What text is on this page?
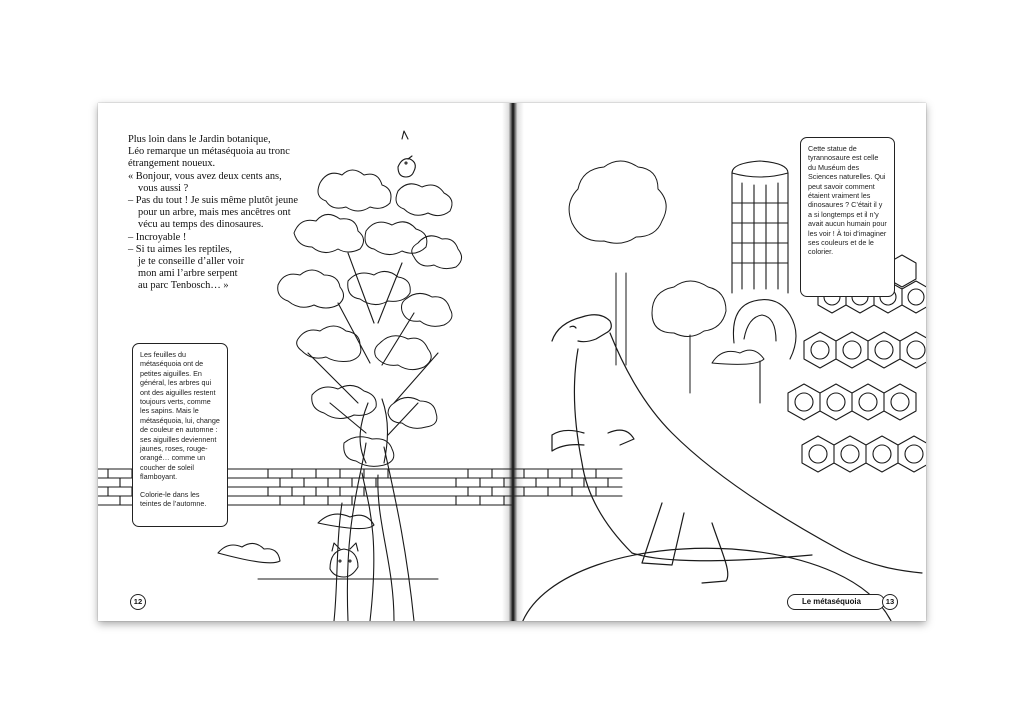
Plus loin dans le Jardin botanique,
Léo remarque un métaséquoia au tronc
étrangement noueux.
« Bonjour, vous avez deux cents ans,
vous aussi ?
– Pas du tout ! Je suis même plutôt jeune
pour un arbre, mais mes ancêtres ont
vécu au temps des dinosaures.
– Incroyable !
– Si tu aimes les reptiles,
je te conseille d’aller voir
mon ami l’arbre serpent
au parc Tenbosch… »

Les feuilles du métaséquoia ont de petites aiguilles. En général, les arbres qui ont des aiguilles restent toujours verts, comme les sapins. Mais le métaséquoia, lui, change de couleur en automne : ses aiguilles deviennent jaunes, roses, rouge-orangé… comme un coucher de soleil flamboyant.

Colorie-le dans les teintes de l’automne.

12

Cette statue de tyrannosaure est celle du Muséum des Sciences naturelles. Qui peut savoir comment étaient vraiment les dinosaures ? C’était il y a si longtemps et il n’y avait aucun humain pour les voir ! À toi d’imaginer ses couleurs et de le colorier.

Le métaséquoia	13
